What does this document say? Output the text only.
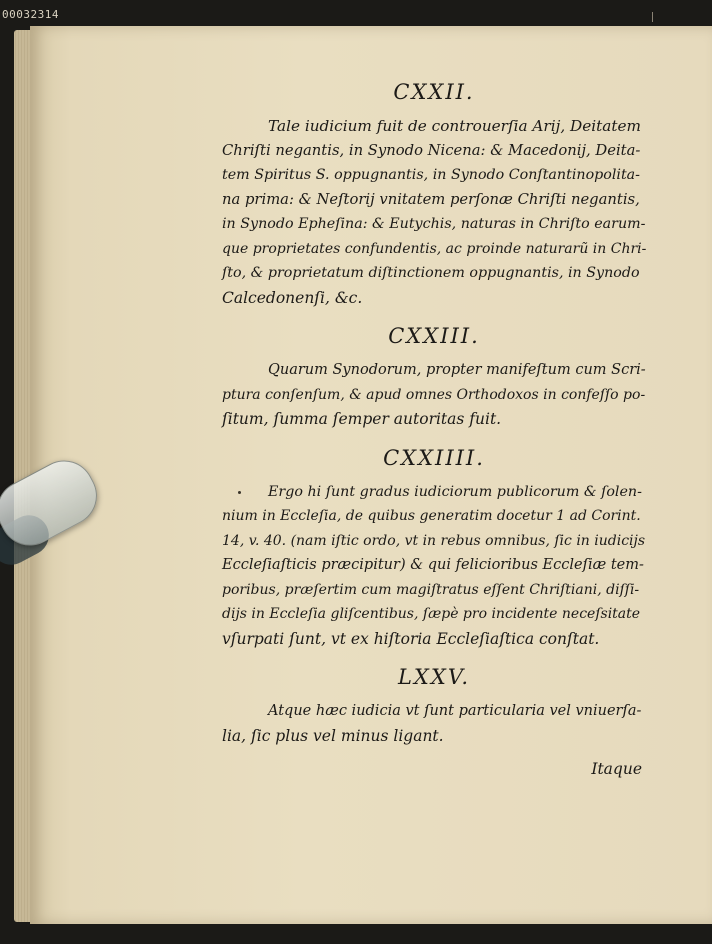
00032314

CXXII.

Tale iudicium fuit de controuerſia Arij, Deitatem

Chriſti negantis, in Synodo Nicena: & Macedonij, Deita-

tem Spiritus S. oppugnantis, in Synodo Conſtantinopolita-

na prima: & Neſtorij vnitatem perſonæ Chriſti negantis,

in Synodo Epheſina: & Eutychis, naturas in Chriſto earum-

que proprietates confundentis, ac proinde naturarũ in Chri-

ſto, & proprietatum diſtinctionem oppugnantis, in Synodo

Calcedonenſi, &c.

CXXIII.

Quarum Synodorum, propter manifeſtum cum Scri-

ptura conſenſum, & apud omnes Orthodoxos in confeſſo po-

ſitum, ſumma ſemper autoritas fuit.

CXXIIII.

Ergo hi ſunt gradus iudiciorum publicorum & ſolen-

nium in Eccleſia, de quibus generatim docetur 1 ad Corint.

14, v. 40. (nam iſtic ordo, vt in rebus omnibus, ſic in iudicijs

Eccleſiaſticis præcipitur) & qui felicioribus Eccleſiæ tem-

poribus, præſertim cum magiſtratus eſſent Chriſtiani, diſſi-

dijs in Eccleſia gliſcentibus, ſæpè pro incidente neceſsitate

vſurpati ſunt, vt ex hiſtoria Eccleſiaſtica conſtat.

LXXV.

Atque hæc iudicia vt ſunt particularia vel vniuerſa-

lia, ſic plus vel minus ligant.

Itaque
